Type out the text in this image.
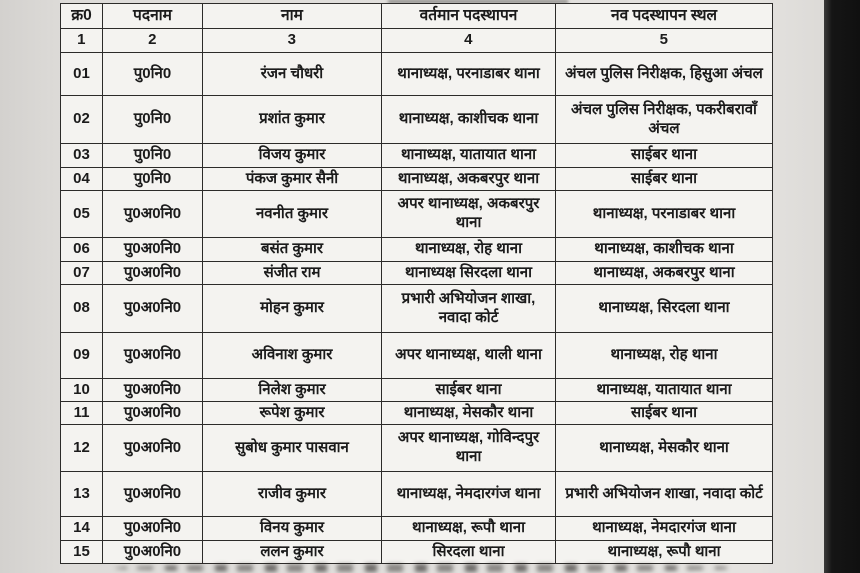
क्र0	पदनाम	नाम	वर्तमान पदस्थापन	नव पदस्थापन स्थल
1	2	3	4	5
01	पु0नि0	रंजन चौधरी	थानाध्यक्ष, परनाडाबर थाना	अंचल पुलिस निरीक्षक, हिसुआ अंचल
02	पु0नि0	प्रशांत कुमार	थानाध्यक्ष, काशीचक थाना	अंचल पुलिस निरीक्षक, पकरीबरावाँ अंचल
03	पु0नि0	विजय कुमार	थानाध्यक्ष, यातायात थाना	साईबर थाना
04	पु0नि0	पंकज कुमार सैनी	थानाध्यक्ष, अकबरपुर थाना	साईबर थाना
05	पु0अ0नि0	नवनीत कुमार	अपर थानाध्यक्ष, अकबरपुर थाना	थानाध्यक्ष, परनाडाबर थाना
06	पु0अ0नि0	बसंत कुमार	थानाध्यक्ष, रोह थाना	थानाध्यक्ष, काशीचक थाना
07	पु0अ0नि0	संजीत राम	थानाध्यक्ष सिरदला थाना	थानाध्यक्ष, अकबरपुर थाना
08	पु0अ0नि0	मोहन कुमार	प्रभारी अभियोजन शाखा, नवादा कोर्ट	थानाध्यक्ष, सिरदला थाना
09	पु0अ0नि0	अविनाश कुमार	अपर थानाध्यक्ष, थाली थाना	थानाध्यक्ष, रोह थाना
10	पु0अ0नि0	निलेश कुमार	साईबर थाना	थानाध्यक्ष, यातायात थाना
11	पु0अ0नि0	रूपेश कुमार	थानाध्यक्ष, मेसकौर थाना	साईबर थाना
12	पु0अ0नि0	सुबोध कुमार पासवान	अपर थानाध्यक्ष, गोविन्दपुर थाना	थानाध्यक्ष, मेसकौर थाना
13	पु0अ0नि0	राजीव कुमार	थानाध्यक्ष, नेमदारगंज थाना	प्रभारी अभियोजन शाखा, नवादा कोर्ट
14	पु0अ0नि0	विनय कुमार	थानाध्यक्ष, रूपौ थाना	थानाध्यक्ष, नेमदारगंज थाना
15	पु0अ0नि0	ललन कुमार	सिरदला थाना	थानाध्यक्ष, रूपौ थाना
